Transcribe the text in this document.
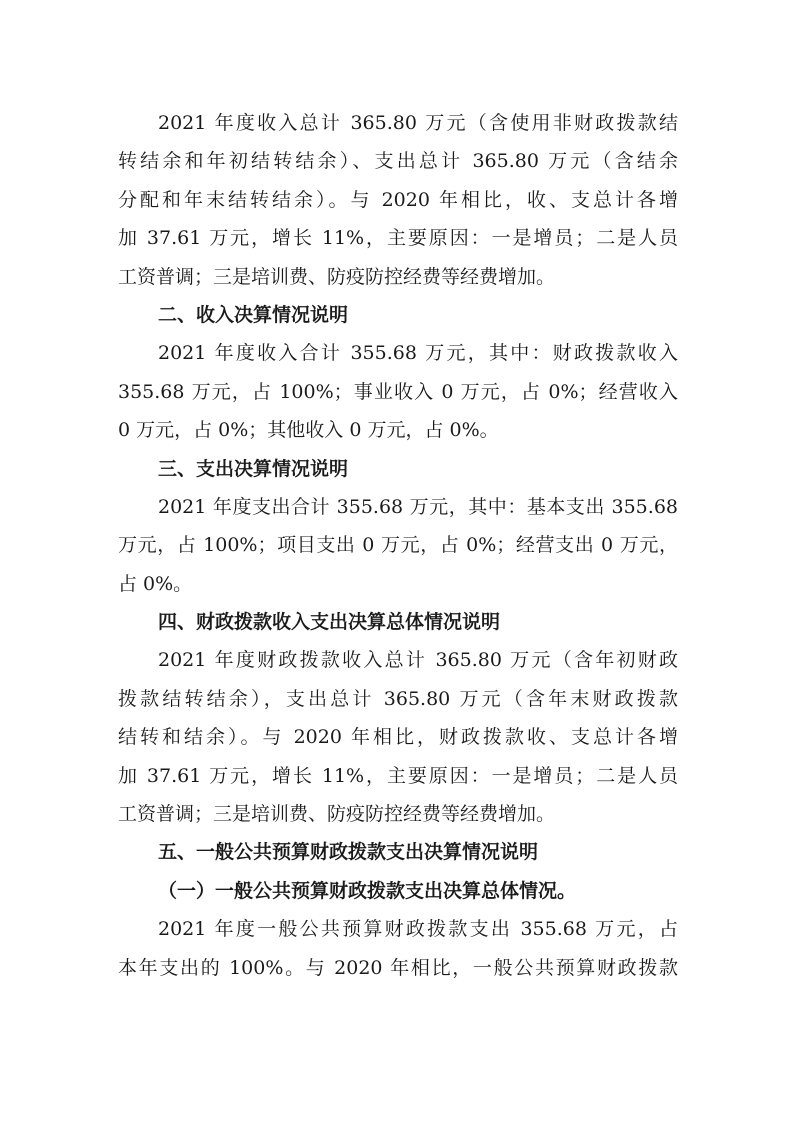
2021 年度收入总计 365.80 万元（含使用非财政拨款结
转结余和年初结转结余）、支出总计 365.80 万元（含结余
分配和年末结转结余）。与 2020 年相比，收、支总计各增
加 37.61 万元，增长 11%，主要原因：一是增员；二是人员
工资普调；三是培训费、防疫防控经费等经费增加。
二、收入决算情况说明
2021 年度收入合计 355.68 万元，其中：财政拨款收入
355.68 万元，占 100%；事业收入 0 万元，占 0%；经营收入
0 万元，占 0%；其他收入 0 万元，占 0%。
三、支出决算情况说明
2021 年度支出合计 355.68 万元，其中：基本支出 355.68
万元，占 100%；项目支出 0 万元，占 0%；经营支出 0 万元，
占 0%。
四、财政拨款收入支出决算总体情况说明
2021 年度财政拨款收入总计 365.80 万元（含年初财政
拨款结转结余），支出总计 365.80 万元（含年末财政拨款
结转和结余）。与 2020 年相比，财政拨款收、支总计各增
加 37.61 万元，增长 11%，主要原因：一是增员；二是人员
工资普调；三是培训费、防疫防控经费等经费增加。
五、一般公共预算财政拨款支出决算情况说明
（一）一般公共预算财政拨款支出决算总体情况。
2021 年度一般公共预算财政拨款支出 355.68 万元，占
本年支出的 100%。与 2020 年相比，一般公共预算财政拨款
